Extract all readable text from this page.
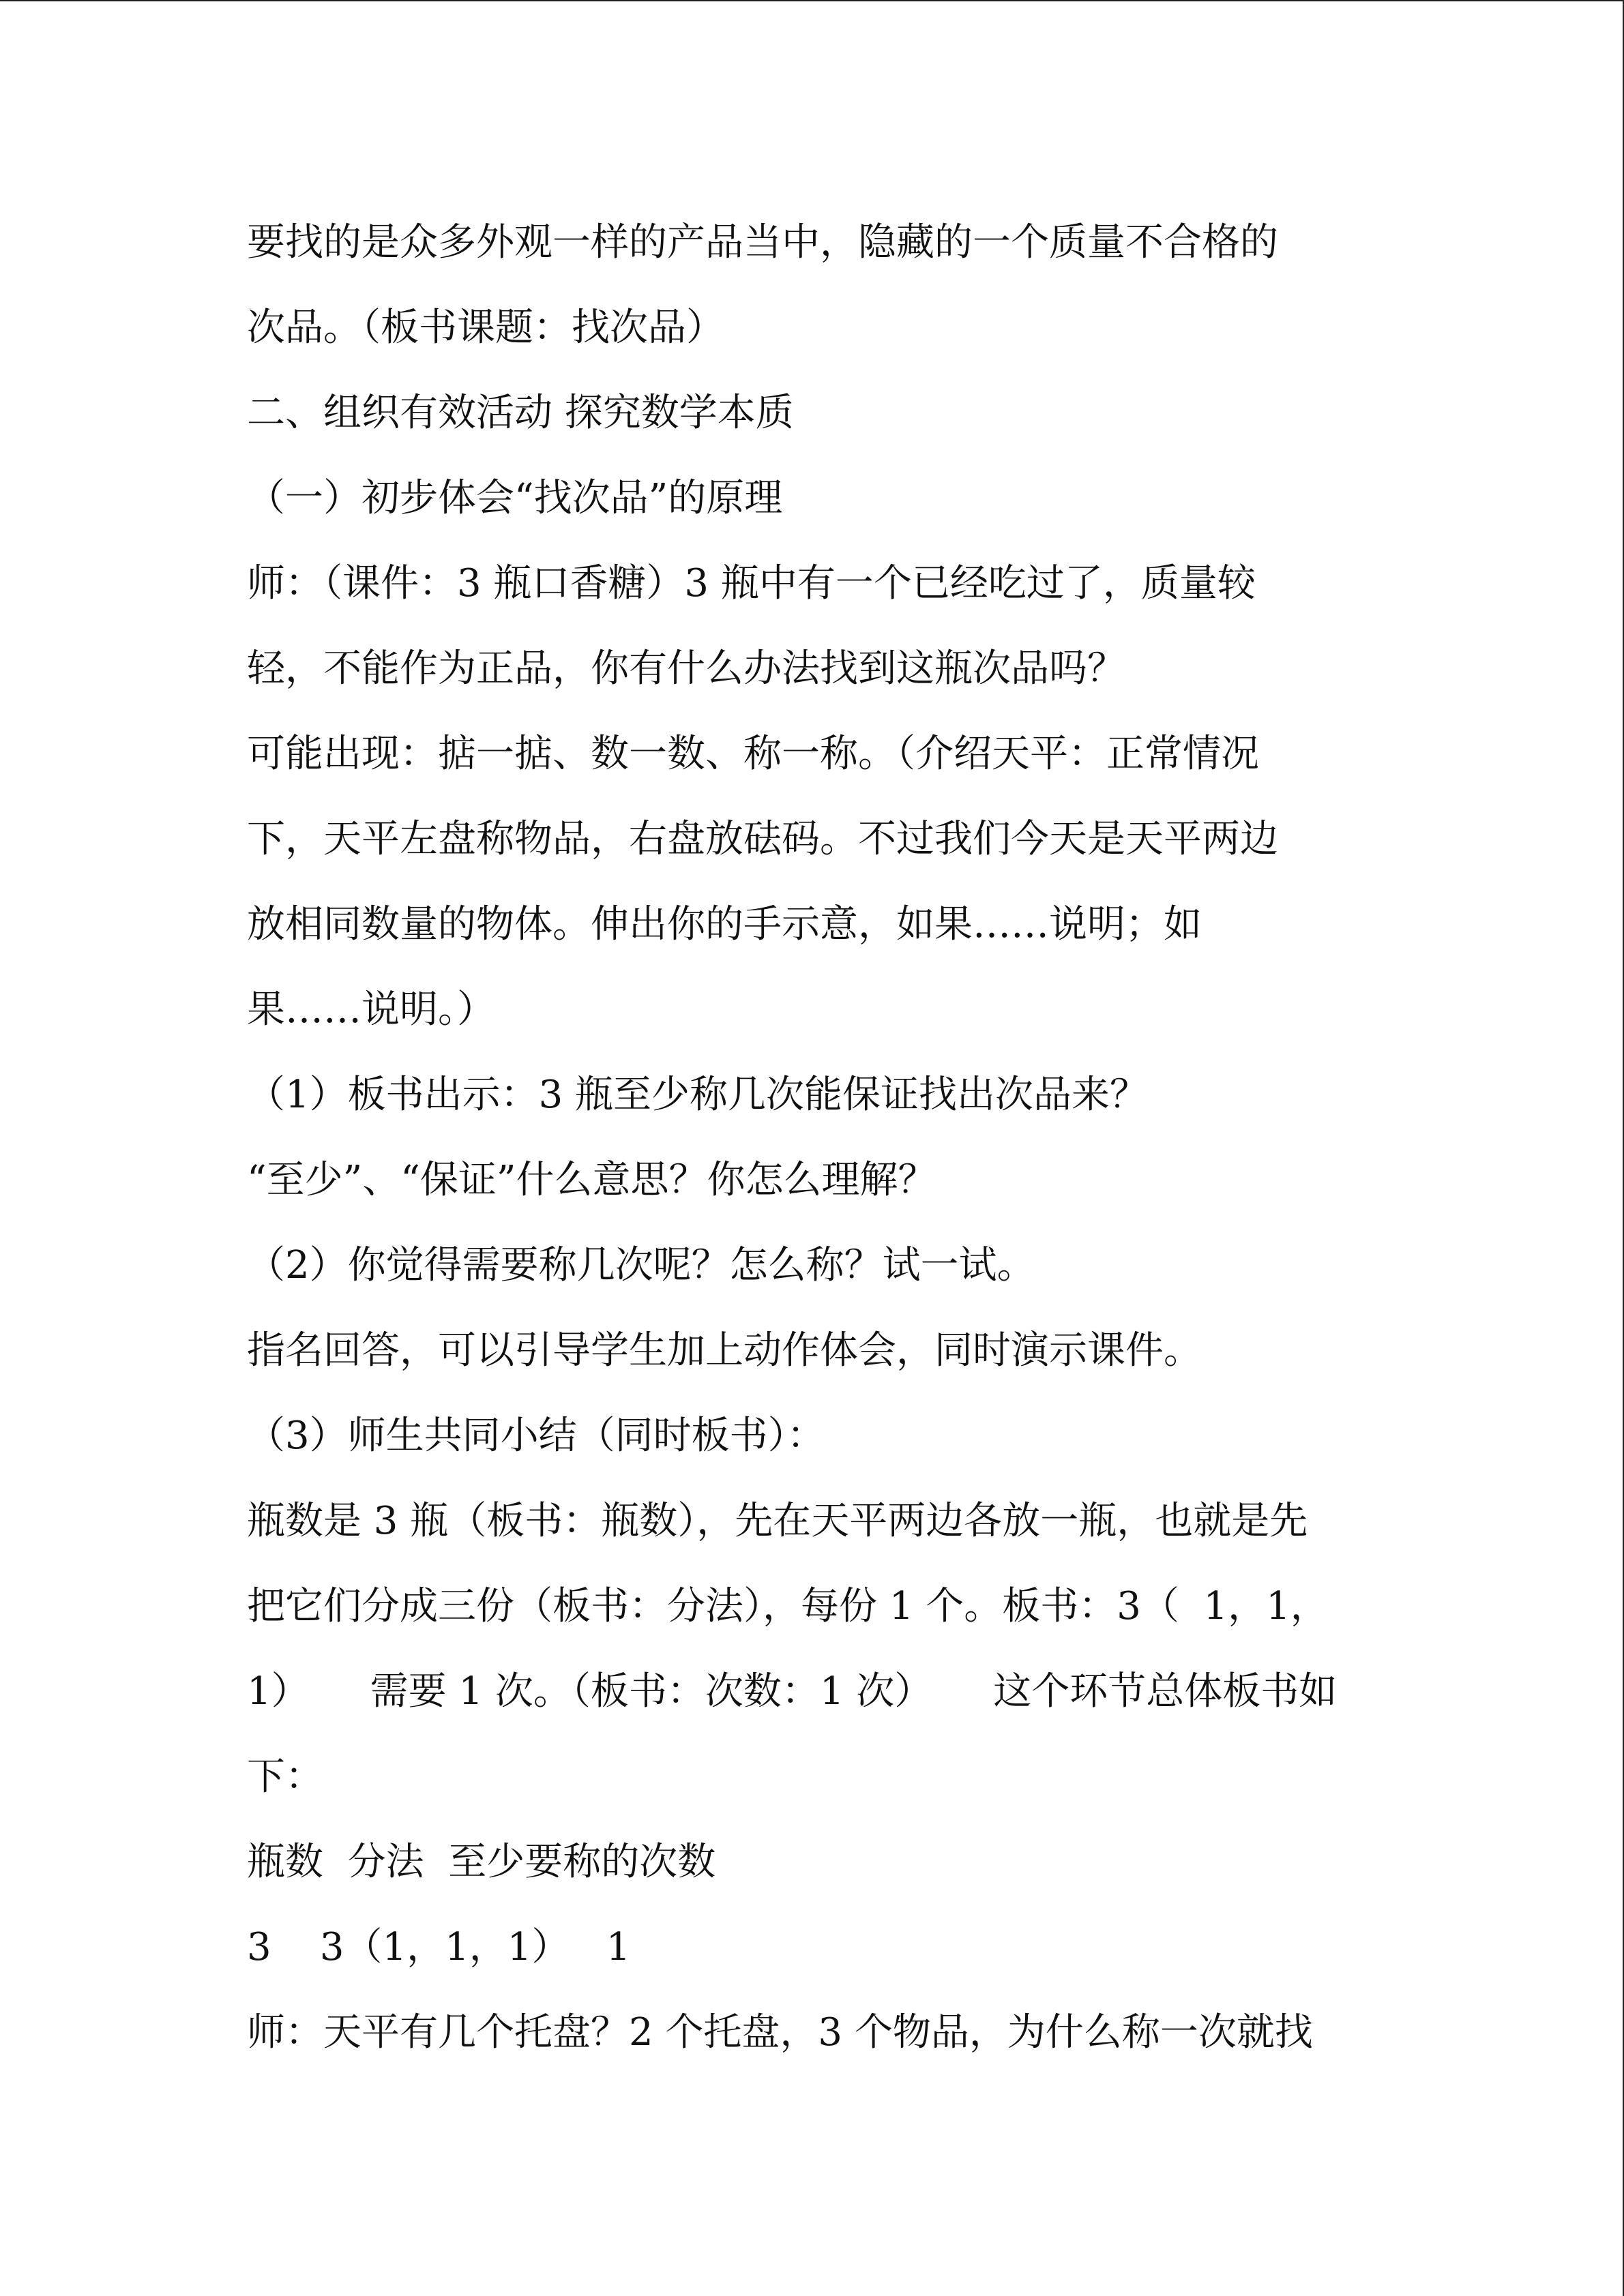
要找的是众多外观一样的产品当中，隐藏的一个质量不合格的
次品。（板书课题：找次品）
二、组织有效活动 探究数学本质
（一）初步体会“找次品”的原理
师：（课件：3 瓶口香糖）3 瓶中有一个已经吃过了，质量较
轻，不能作为正品，你有什么办法找到这瓶次品吗？
可能出现：掂一掂、数一数、称一称。（介绍天平：正常情况
下，天平左盘称物品，右盘放砝码。不过我们今天是天平两边
放相同数量的物体。伸出你的手示意，如果……说明；如
果……说明。）
（1）板书出示：3 瓶至少称几次能保证找出次品来？
“至少”、“保证”什么意思？你怎么理解？
（2）你觉得需要称几次呢？怎么称？试一试。
指名回答，可以引导学生加上动作体会，同时演示课件。
（3）师生共同小结（同时板书）：
瓶数是 3 瓶（板书：瓶数），先在天平两边各放一瓶，也就是先
把它们分成三份（板书：分法），每份 1 个。板书：3（  1，1，
1）     需要 1 次。（板书：次数：1 次）     这个环节总体板书如
下：
瓶数  分法  至少要称的次数
3    3（1，1，1）   1
师：天平有几个托盘？2 个托盘，3 个物品，为什么称一次就找
